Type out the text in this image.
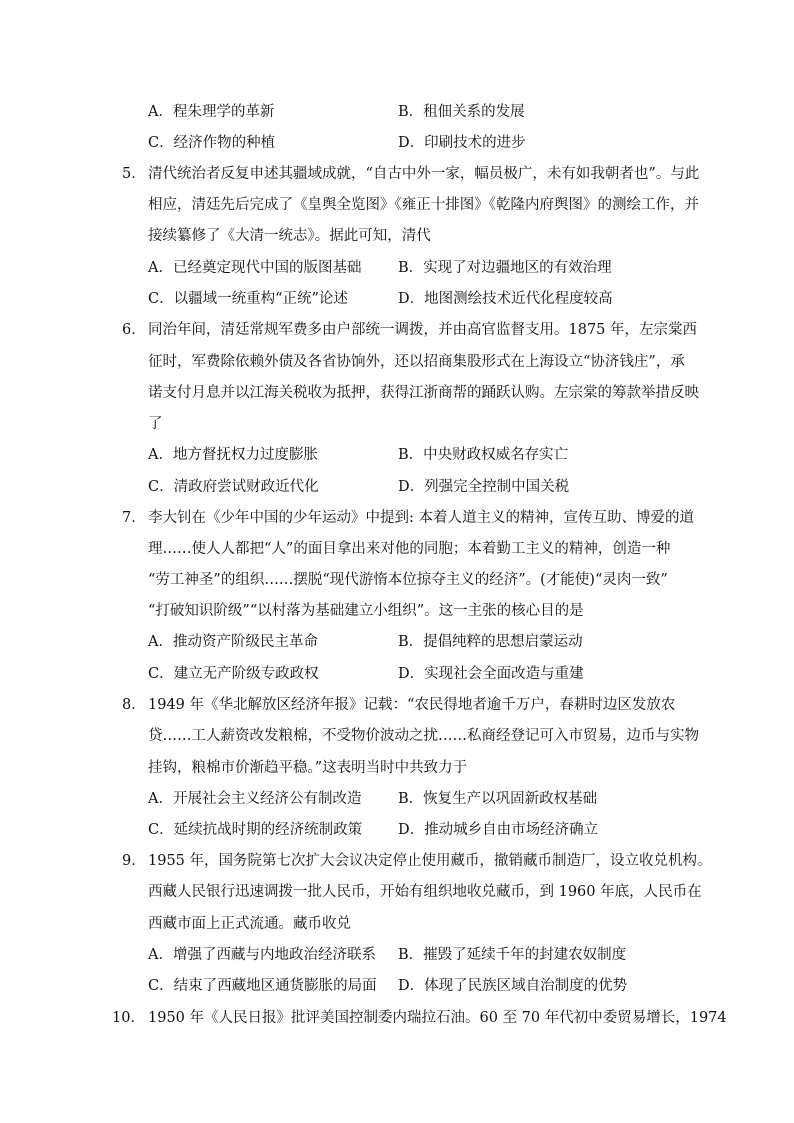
A．程朱理学的革新	B．租佃关系的发展
C．经济作物的种植	D．印刷技术的进步
5． 清代统治者反复申述其疆域成就，“自古中外一家，幅员极广，未有如我朝者也”。与此
相应，清廷先后完成了《皇舆全览图》《雍正十排图》《乾隆内府舆图》的测绘工作，并
接续纂修了《大清一统志》。据此可知，清代
A．已经奠定现代中国的版图基础	B．实现了对边疆地区的有效治理
C．以疆域一统重构“正统”论述	D．地图测绘技术近代化程度较高
6． 同治年间，清廷常规军费多由户部统一调拨，并由高官监督支用。1875 年，左宗棠西
征时，军费除依赖外债及各省协饷外，还以招商集股形式在上海设立“协济钱庄”，承
诺支付月息并以江海关税收为抵押，获得江浙商帮的踊跃认购。左宗棠的筹款举措反映
了
A．地方督抚权力过度膨胀	B．中央财政权威名存实亡
C．清政府尝试财政近代化	D．列强完全控制中国关税
7． 李大钊在《少年中国的少年运动》中提到: 本着人道主义的精神，宣传互助、博爱的道
理……使人人都把“人”的面目拿出来对他的同胞；本着勤工主义的精神，创造一种
“劳工神圣”的组织……摆脱“现代游惰本位掠夺主义的经济”。(才能使)“灵肉一致”
“打破知识阶级”“以村落为基础建立小组织”。这一主张的核心目的是
A．推动资产阶级民主革命	B．提倡纯粹的思想启蒙运动
C．建立无产阶级专政政权	D．实现社会全面改造与重建
8． 1949 年《华北解放区经济年报》记载：“农民得地者逾千万户，春耕时边区发放农
贷……工人薪资改发粮棉，不受物价波动之扰……私商经登记可入市贸易，边币与实物
挂钩，粮棉市价渐趋平稳。”这表明当时中共致力于
A．开展社会主义经济公有制改造	B．恢复生产以巩固新政权基础
C．延续抗战时期的经济统制政策 D．推动城乡自由市场经济确立
9． 1955 年，国务院第七次扩大会议决定停止使用藏币，撤销藏币制造厂，设立收兑机构。
西藏人民银行迅速调拨一批人民币，开始有组织地收兑藏币，到 1960 年底，人民币在
西藏市面上正式流通。藏币收兑
A．增强了西藏与内地政治经济联系 B．摧毁了延续千年的封建农奴制度
C．结束了西藏地区通货膨胀的局面 D．体现了民族区域自治制度的优势
10． 1950 年《人民日报》批评美国控制委内瑞拉石油。60 至 70 年代初中委贸易增长，1974
